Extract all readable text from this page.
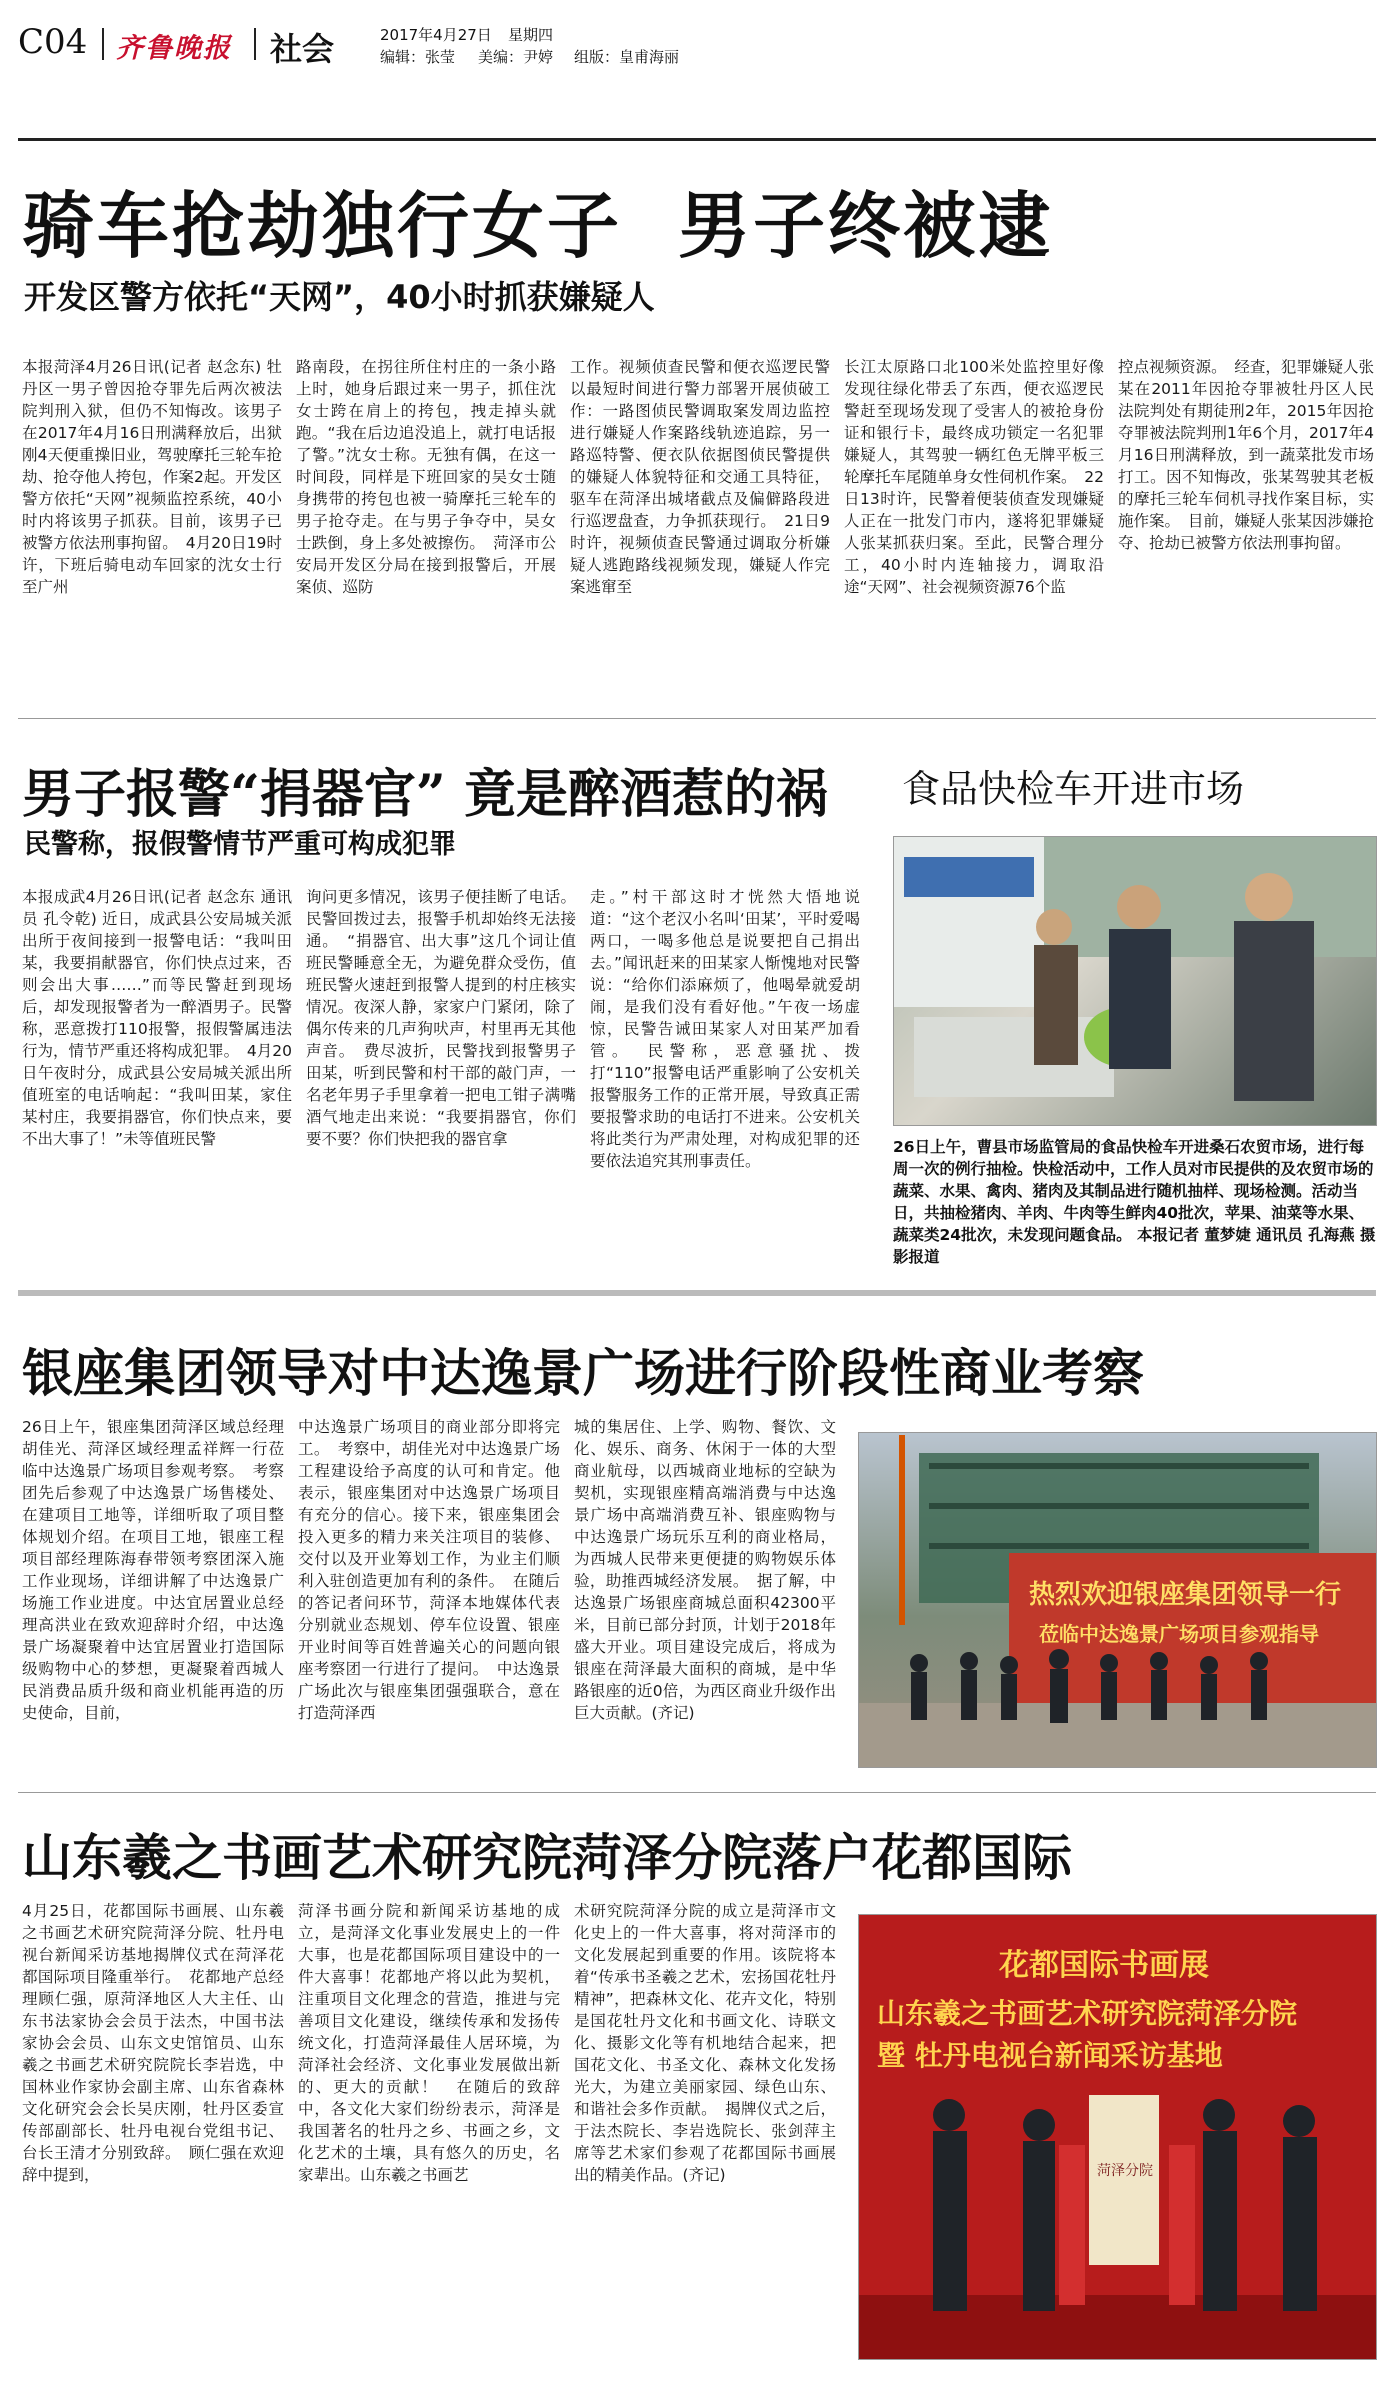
C04 齐鲁晚报 社会	2017年4月27日 星期四
编辑：张莹 美编：尹婷 组版：皇甫海丽
骑车抢劫独行女子  男子终被逮
开发区警方依托“天网”，40小时抓获嫌疑人

本报菏泽4月26日讯(记者 赵念东) 牡丹区一男子曾因抢夺罪先后两次被法院判刑入狱，但仍不知悔改。该男子在2017年4月16日刑满释放后，出狱刚4天便重操旧业，驾驶摩托三轮车抢劫、抢夺他人挎包，作案2起。开发区警方依托“天网”视频监控系统，40小时内将该男子抓获。目前，该男子已被警方依法刑事拘留。　4月20日19时许，下班后骑电动车回家的沈女士行至广州

路南段，在拐往所住村庄的一条小路上时，她身后跟过来一男子，抓住沈女士跨在肩上的挎包，拽走掉头就跑。“我在后边追没追上，就打电话报了警。”沈女士称。无独有偶，在这一时间段，同样是下班回家的吴女士随身携带的挎包也被一骑摩托三轮车的男子抢夺走。在与男子争夺中，吴女士跌倒，身上多处被擦伤。　菏泽市公安局开发区分局在接到报警后，开展案侦、巡防

工作。视频侦查民警和便衣巡逻民警以最短时间进行警力部署开展侦破工作：一路图侦民警调取案发周边监控进行嫌疑人作案路线轨迹追踪，另一路巡特警、便衣队依据图侦民警提供的嫌疑人体貌特征和交通工具特征，驱车在菏泽出城堵截点及偏僻路段进行巡逻盘查，力争抓获现行。　21日9时许，视频侦查民警通过调取分析嫌疑人逃跑路线视频发现，嫌疑人作完案逃窜至

长江太原路口北100米处监控里好像发现往绿化带丢了东西，便衣巡逻民警赶至现场发现了受害人的被抢身份证和银行卡，最终成功锁定一名犯罪嫌疑人，其驾驶一辆红色无牌平板三轮摩托车尾随单身女性伺机作案。　22日13时许，民警着便装侦查发现嫌疑人正在一批发门市内，遂将犯罪嫌疑人张某抓获归案。至此，民警合理分工，40小时内连轴接力，调取沿途“天网”、社会视频资源76个监

控点视频资源。　经查，犯罪嫌疑人张某在2011年因抢夺罪被牡丹区人民法院判处有期徒刑2年，2015年因抢夺罪被法院判刑1年6个月，2017年4月16日刑满释放，到一蔬菜批发市场打工。因不知悔改，张某驾驶其老板的摩托三轮车伺机寻找作案目标，实施作案。　目前，嫌疑人张某因涉嫌抢夺、抢劫已被警方依法刑事拘留。

男子报警“捐器官” 竟是醉酒惹的祸
民警称，报假警情节严重可构成犯罪

本报成武4月26日讯(记者 赵念东 通讯员 孔令乾) 近日，成武县公安局城关派出所于夜间接到一报警电话：“我叫田某，我要捐献器官，你们快点过来，否则会出大事……”而等民警赶到现场后，却发现报警者为一醉酒男子。民警称，恶意拨打110报警，报假警属违法行为，情节严重还将构成犯罪。　4月20日午夜时分，成武县公安局城关派出所值班室的电话响起：“我叫田某，家住某村庄，我要捐器官，你们快点来，要不出大事了！”未等值班民警

询问更多情况，该男子便挂断了电话。民警回拨过去，报警手机却始终无法接通。　“捐器官、出大事”这几个词让值班民警睡意全无，为避免群众受伤，值班民警火速赶到报警人提到的村庄核实情况。夜深人静，家家户门紧闭，除了偶尔传来的几声狗吠声，村里再无其他声音。　费尽波折，民警找到报警男子田某，听到民警和村干部的敲门声，一名老年男子手里拿着一把电工钳子满嘴酒气地走出来说：“我要捐器官，你们要不要？你们快把我的器官拿

走。”村干部这时才恍然大悟地说道：“这个老汉小名叫‘田某’，平时爱喝两口，一喝多他总是说要把自己捐出去。”闻讯赶来的田某家人惭愧地对民警说：“给你们添麻烦了，他喝晕就爱胡闹，是我们没有看好他。”午夜一场虚惊，民警告诫田某家人对田某严加看管。　民警称，恶意骚扰、拨打“110”报警电话严重影响了公安机关报警服务工作的正常开展，导致真正需要报警求助的电话打不进来。公安机关将此类行为严肃处理，对构成犯罪的还要依法追究其刑事责任。

食品快检车开进市场
26日上午，曹县市场监管局的食品快检车开进桑石农贸市场，进行每周一次的例行抽检。快检活动中，工作人员对市民提供的及农贸市场的蔬菜、水果、禽肉、猪肉及其制品进行随机抽样、现场检测。活动当日，共抽检猪肉、羊肉、牛肉等生鲜肉40批次，苹果、油菜等水果、蔬菜类24批次，未发现问题食品。 本报记者 董梦婕 通讯员 孔海燕 摄影报道
银座集团领导对中达逸景广场进行阶段性商业考察

26日上午，银座集团菏泽区域总经理胡佳光、菏泽区域经理孟祥辉一行莅临中达逸景广场项目参观考察。　考察团先后参观了中达逸景广场售楼处、在建项目工地等，详细听取了项目整体规划介绍。在项目工地，银座工程项目部经理陈海春带领考察团深入施工作业现场，详细讲解了中达逸景广场施工作业进度。中达宜居置业总经理高洪业在致欢迎辞时介绍，中达逸景广场凝聚着中达宜居置业打造国际级购物中心的梦想，更凝聚着西城人民消费品质升级和商业机能再造的历史使命，目前，

中达逸景广场项目的商业部分即将完工。　考察中，胡佳光对中达逸景广场工程建设给予高度的认可和肯定。他表示，银座集团对中达逸景广场项目有充分的信心。接下来，银座集团会投入更多的精力来关注项目的装修、交付以及开业筹划工作，为业主们顺利入驻创造更加有利的条件。　在随后的答记者问环节，菏泽本地媒体代表分别就业态规划、停车位设置、银座开业时间等百姓普遍关心的问题向银座考察团一行进行了提问。　中达逸景广场此次与银座集团强强联合，意在打造菏泽西

城的集居住、上学、购物、餐饮、文化、娱乐、商务、休闲于一体的大型商业航母，以西城商业地标的空缺为契机，实现银座精高端消费与中达逸景广场中高端消费互补、银座购物与中达逸景广场玩乐互利的商业格局，为西城人民带来更便捷的购物娱乐体验，助推西城经济发展。　据了解，中达逸景广场银座商城总面积42300平米，目前已部分封顶，计划于2018年盛大开业。项目建设完成后，将成为银座在菏泽最大面积的商城，是中华路银座的近0倍，为西区商业升级作出巨大贡献。(齐记)

热烈欢迎银座集团领导一行
莅临中达逸景广场项目参观指导
山东羲之书画艺术研究院菏泽分院落户花都国际

4月25日，花都国际书画展、山东羲之书画艺术研究院菏泽分院、牡丹电视台新闻采访基地揭牌仪式在菏泽花都国际项目隆重举行。　花都地产总经理顾仁强，原菏泽地区人大主任、山东书法家协会会员于法杰，中国书法家协会会员、山东文史馆馆员、山东羲之书画艺术研究院院长李岩选，中国林业作家协会副主席、山东省森林文化研究会会长吴庆刚，牡丹区委宣传部副部长、牡丹电视台党组书记、台长王清才分别致辞。　顾仁强在欢迎辞中提到，

菏泽书画分院和新闻采访基地的成立，是菏泽文化事业发展史上的一件大事，也是花都国际项目建设中的一件大喜事！花都地产将以此为契机，注重项目文化理念的营造，推进与完善项目文化建设，继续传承和发扬传统文化，打造菏泽最佳人居环境，为菏泽社会经济、文化事业发展做出新的、更大的贡献！　在随后的致辞中，各文化大家们纷纷表示，菏泽是我国著名的牡丹之乡、书画之乡，文化艺术的土壤，具有悠久的历史，名家辈出。山东羲之书画艺

术研究院菏泽分院的成立是菏泽市文化史上的一件大喜事，将对菏泽市的文化发展起到重要的作用。该院将本着“传承书圣羲之艺术，宏扬国花牡丹精神”，把森林文化、花卉文化，特别是国花牡丹文化和书画文化、诗联文化、摄影文化等有机地结合起来，把国花文化、书圣文化、森林文化发扬光大，为建立美丽家园、绿色山东、和谐社会多作贡献。　揭牌仪式之后，于法杰院长、李岩选院长、张剑萍主席等艺术家们参观了花都国际书画展出的精美作品。(齐记)

花都国际书画展
山东羲之书画艺术研究院菏泽分院
暨 牡丹电视台新闻采访基地
菏泽分院
